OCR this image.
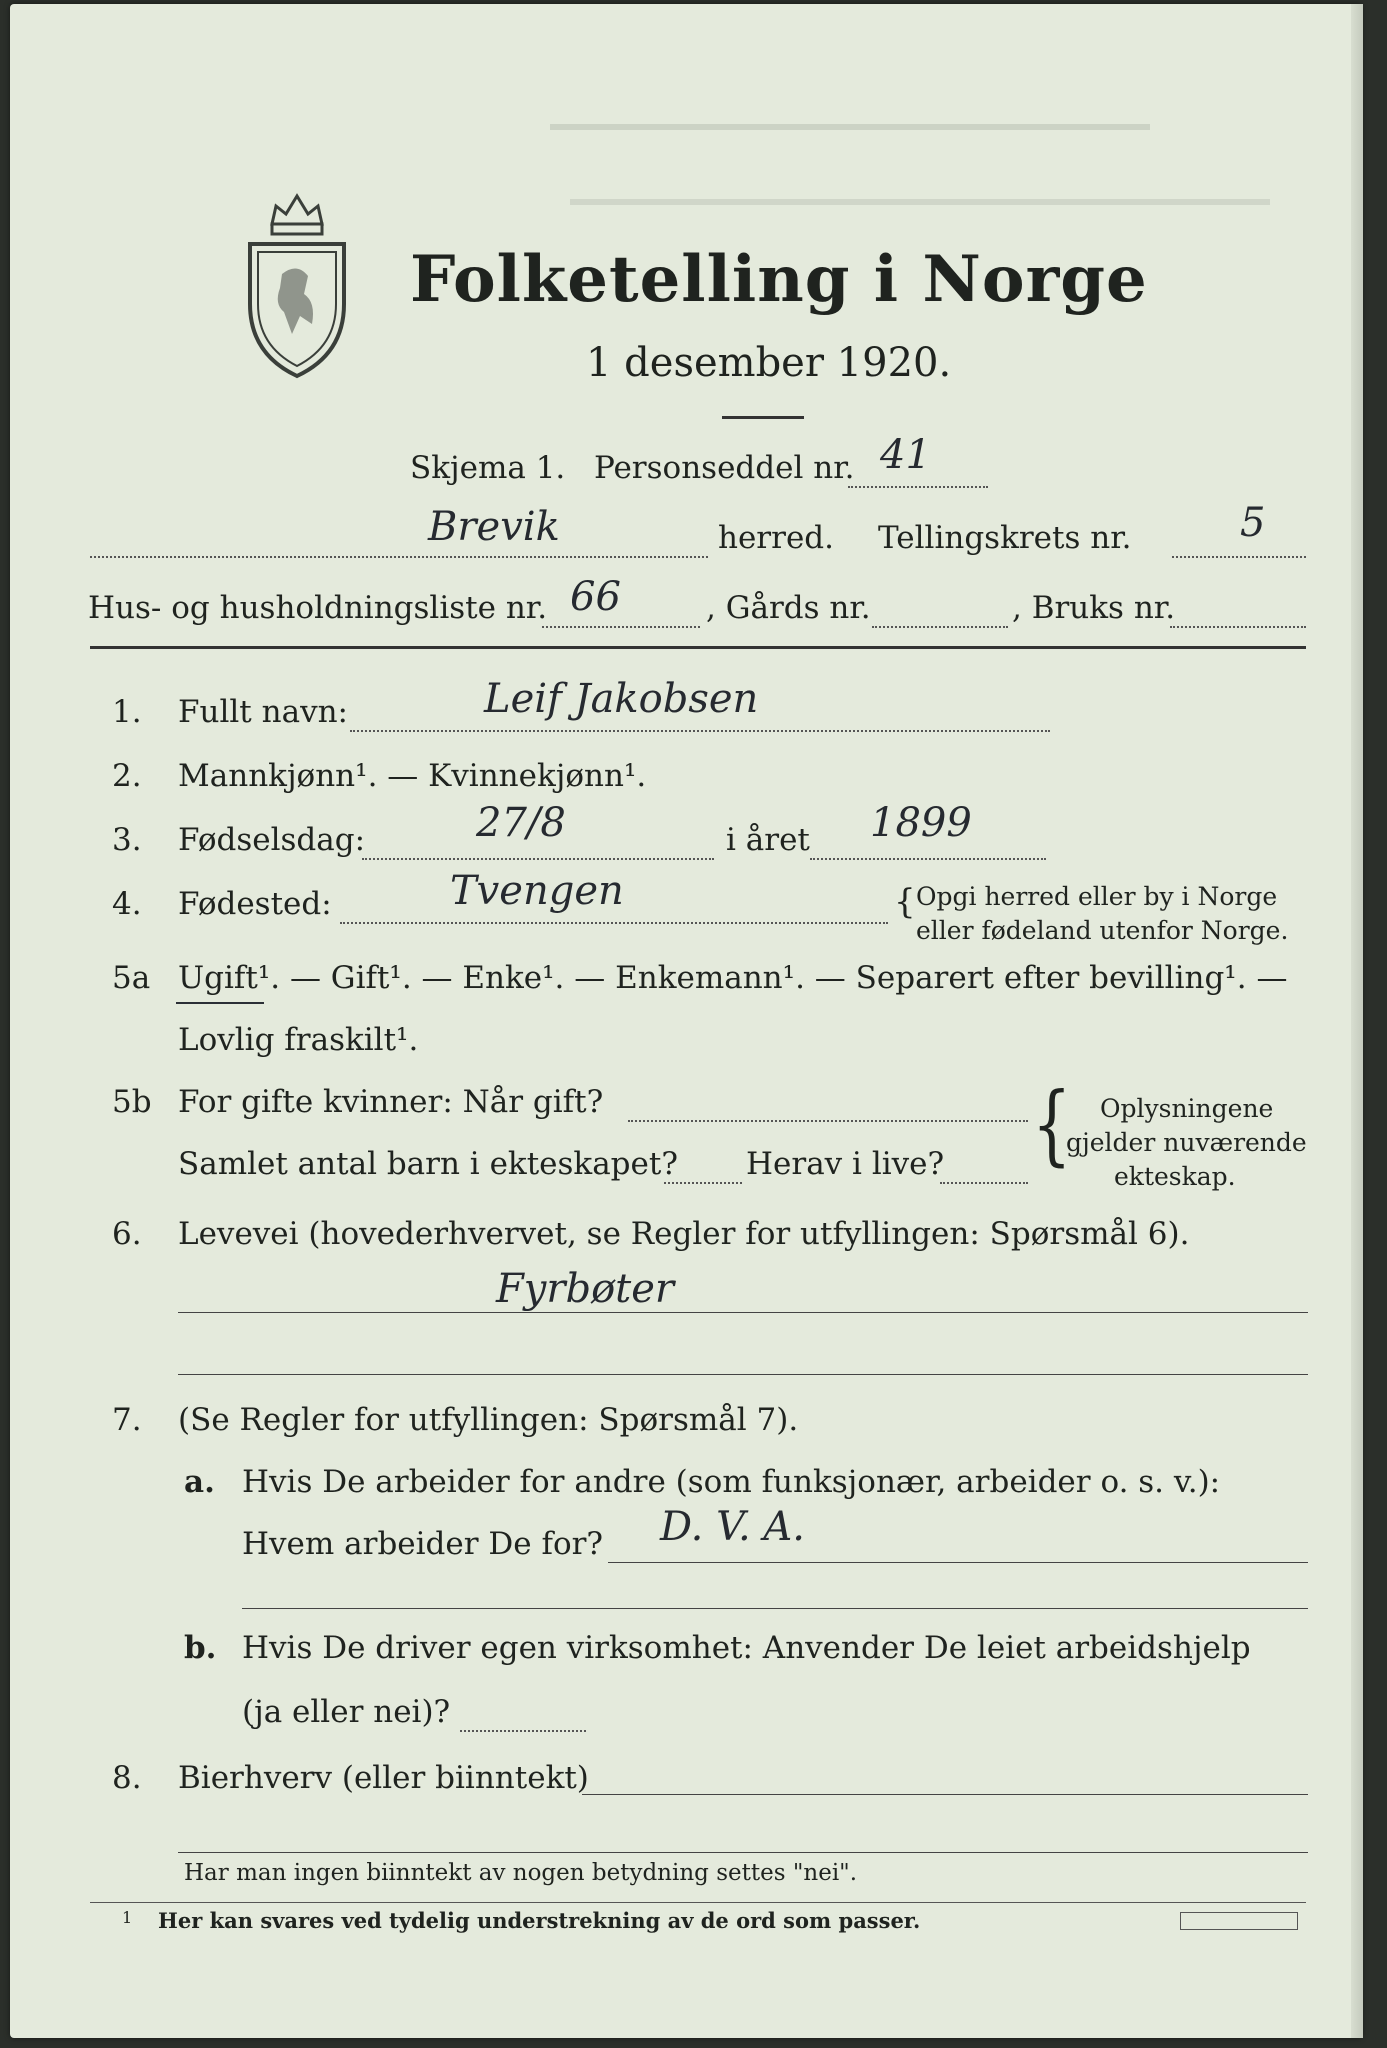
Folketelling i Norge
1 desember 1920.
Skjema 1. Personseddel nr. 41
Brevik	herred. Tellingskrets nr.	5
Hus- og husholdningsliste nr. 66	, Gårds nr.	, Bruks nr.
1. Fullt navn:	Leif Jakobsen
2. Mannkjønn¹. — Kvinnekjønn¹.
3. Fødselsdag:	27/8	i året 1899
4. Fødested:	Tvengen	{ Opgi herred eller by i Norge
eller fødeland utenfor Norge.
5a Ugift¹. — Gift¹. — Enke¹. — Enkemann¹. — Separert efter bevilling¹. —
Lovlig fraskilt¹.
5b For gifte kvinner: Når gift?
Samlet antal barn i ekteskapet? Herav i live? { Oplysningene
gjelder nuværende
ekteskap.
6. Levevei (hovederhvervet, se Regler for utfyllingen: Spørsmål 6).
Fyrbøter
7. (Se Regler for utfyllingen: Spørsmål 7).
a. Hvis De arbeider for andre (som funksjonær, arbeider o. s. v.):
Hvem arbeider De for? D. V. A.
b. Hvis De driver egen virksomhet: Anvender De leiet arbeidshjelp
(ja eller nei)?
8. Bierhverv (eller biinntekt)
Har man ingen biinntekt av nogen betydning settes "nei".
1 Her kan svares ved tydelig understrekning av de ord som passer.
